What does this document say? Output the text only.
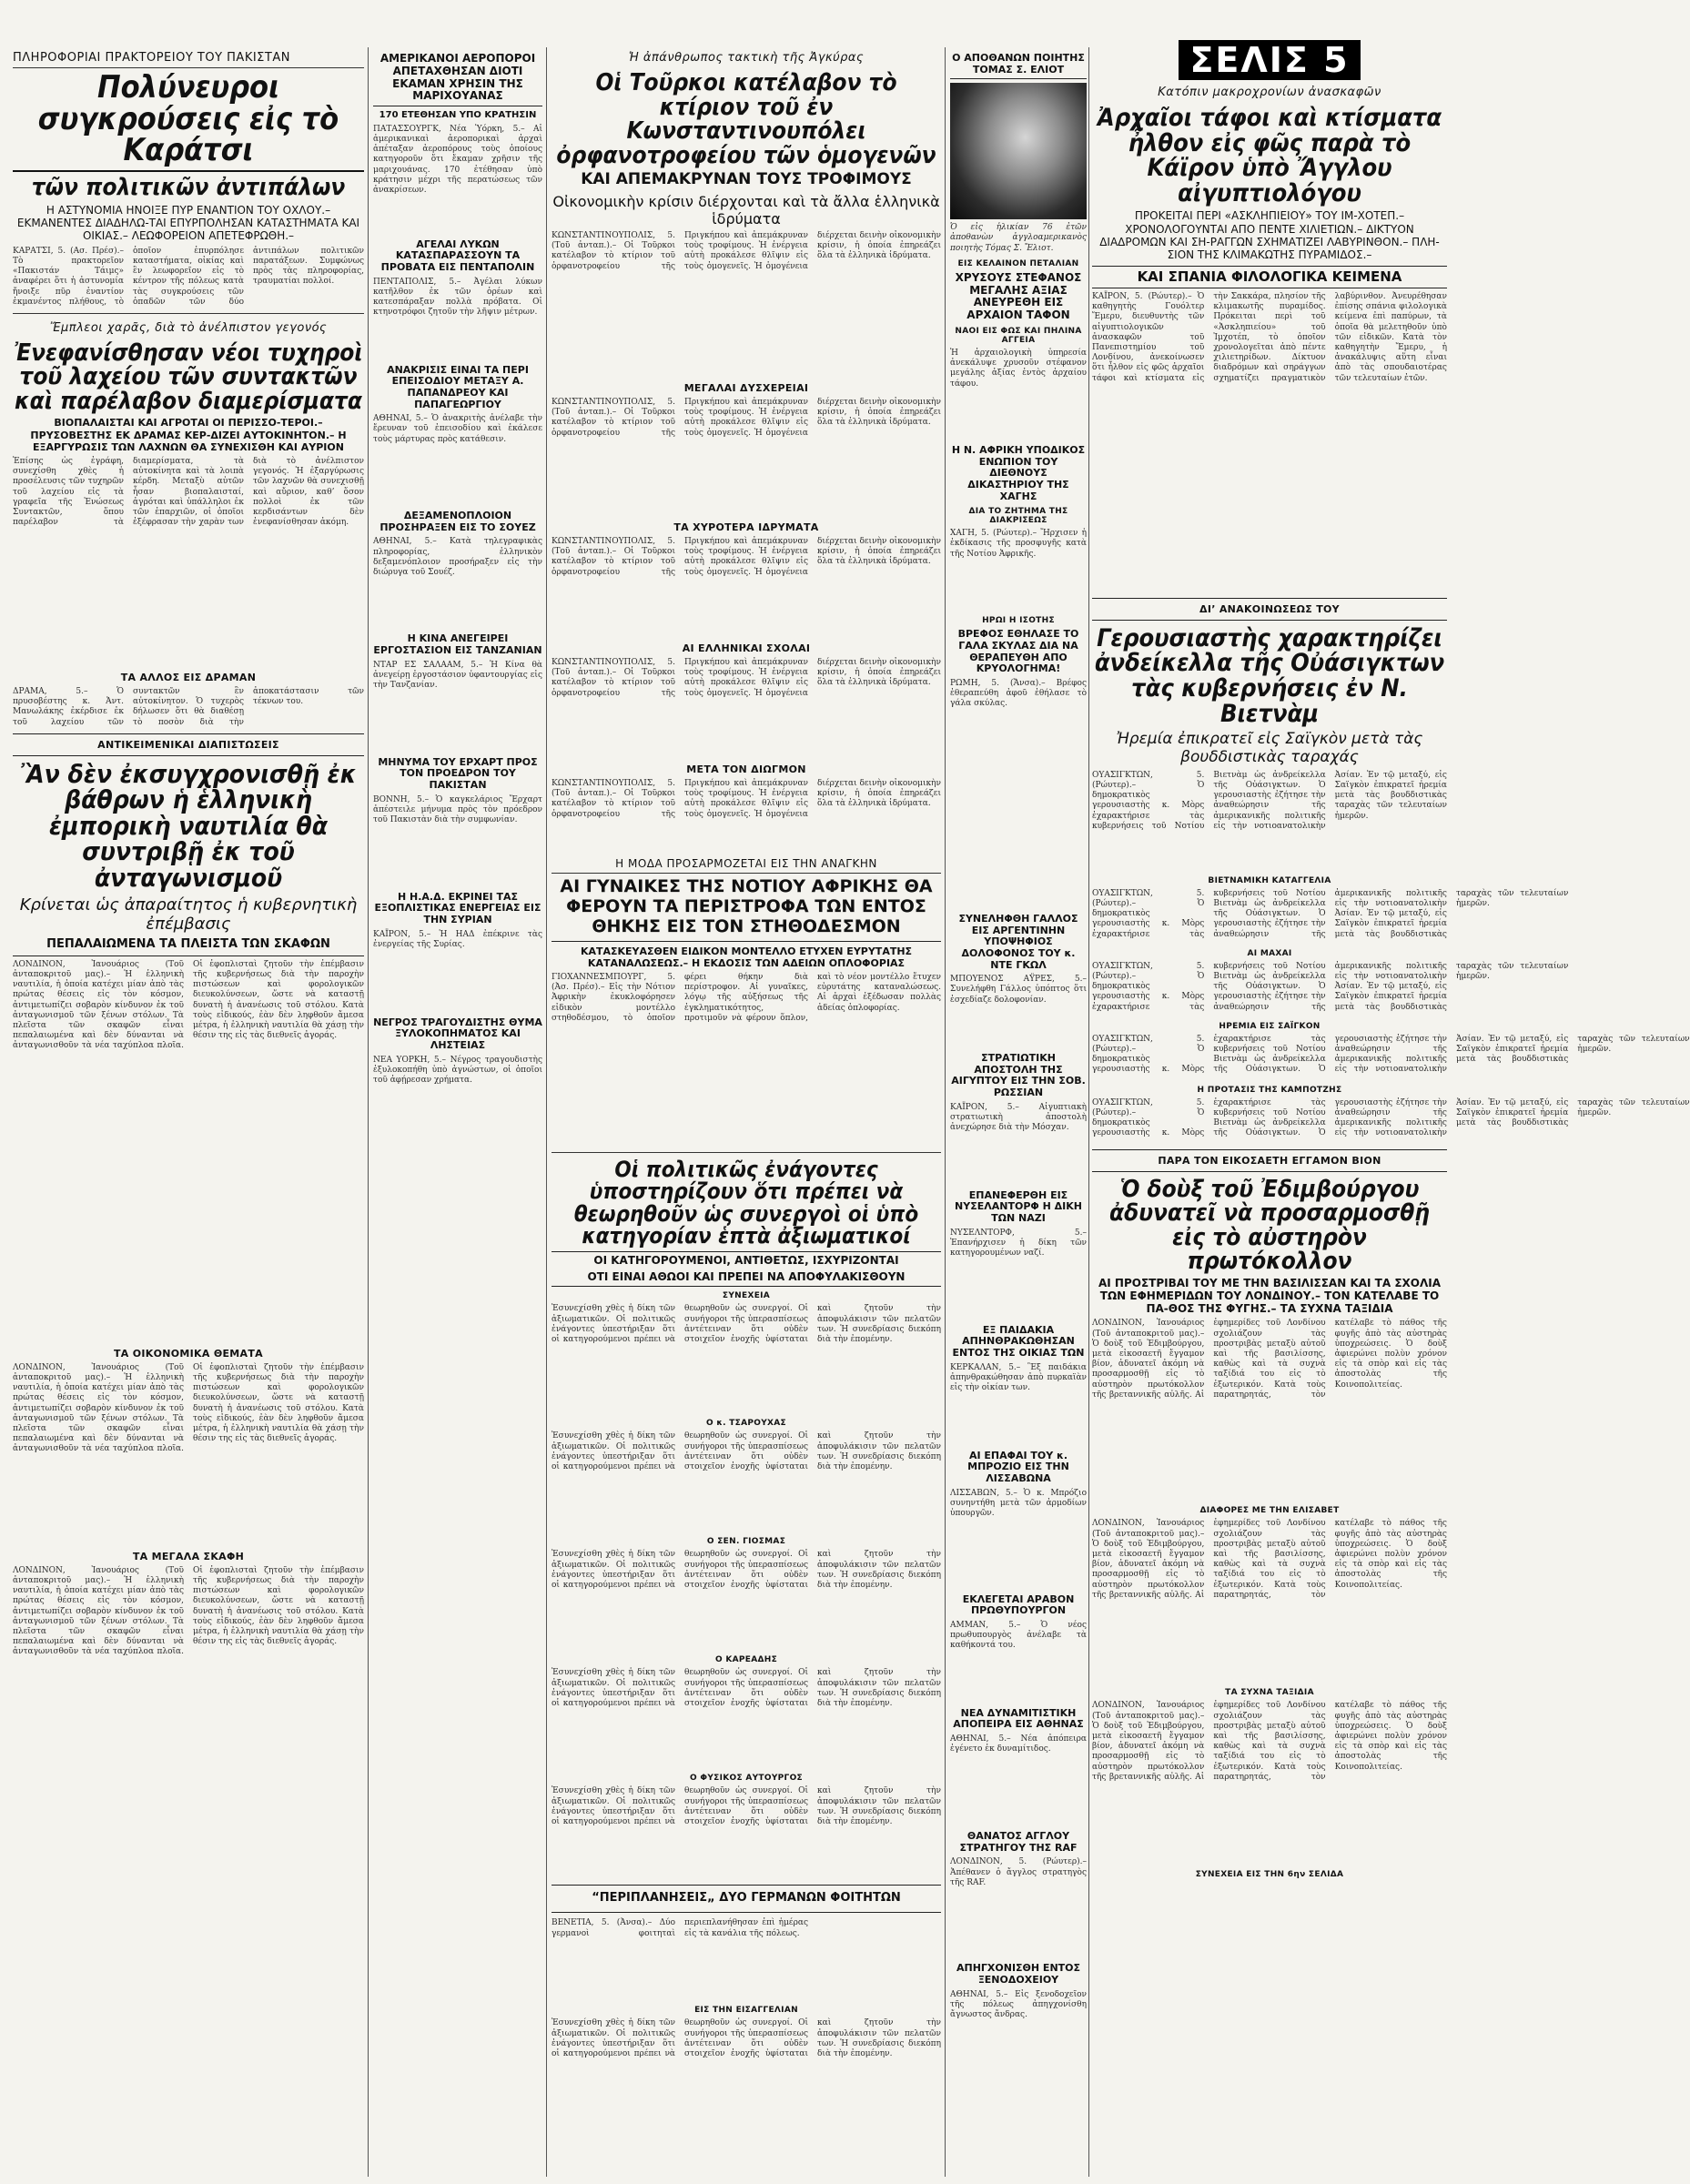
ΠΛΗΡΟΦΟΡΙΑΙ ΠΡΑΚΤΟΡΕΙΟΥ ΤΟΥ ΠΑΚΙΣΤΑΝ
Πολύνευροι συγκρούσεις εἰς τὸ Καράτσι
τῶν πολιτικῶν ἀντιπάλων
Η ΑΣΤΥΝΟΜΙΑ ΗΝΟΙΞΕ ΠΥΡ ΕΝΑΝΤΙΟΝ ΤΟΥ ΟΧΛΟΥ.– ΕΚΜΑΝΕΝΤΕΣ ΔΙΑΔΗΛΩ-ΤΑΙ ΕΠΥΡΠΟΛΗΣΑΝ ΚΑΤΑΣΤΗΜΑΤΑ ΚΑΙ ΟΙΚΙΑΣ.– ΛΕΩΦΟΡΕΙΟΝ ΑΠΕΤΕΦΡΩΘΗ.–
ΚΑΡΑΤΣΙ, 5. (Ασ. Πρέσ).– Τὸ πρακτορεῖον «Πακιστάν Τάιμς» ἀναφέρει ὅτι ἡ ἀστυνομία ἤνοιξε πῦρ ἐναντίον ἐκμανέντος πλήθους, τὸ ὁποῖον ἐπυρπόλησε καταστήματα, οἰκίας καὶ ἓν λεωφορεῖον εἰς τὸ κέντρον τῆς πόλεως κατὰ τὰς συγκρούσεις τῶν ὀπαδῶν τῶν δύο ἀντιπάλων πολιτικῶν παρατάξεων. Συμφώνως πρὸς τὰς πληροφορίας, τραυματίαι πολλοί.
Ἔμπλεοι χαρᾶς, διὰ τὸ ἀνέλπιστον γεγονός
Ἐνεφανίσθησαν νέοι τυχηροὶ τοῦ λαχείου τῶν συντακτῶν καὶ παρέλαβον διαμερίσματα
ΒΙΟΠΑΛΑΙΣΤΑΙ ΚΑΙ ΑΓΡΟΤΑΙ ΟΙ ΠΕΡΙΣΣΟ-ΤΕΡΟΙ.– ΠΡΥΣΟΒΕΣΤΗΣ ΕΚ ΔΡΑΜΑΣ ΚΕΡ-ΔΙΖΕΙ ΑΥΤΟΚΙΝΗΤΟΝ.– Η ΕΞΑΡΓΥΡΩΣΙΣ ΤΩΝ ΛΑΧΝΩΝ ΘΑ ΣΥΝΕΧΙΣΘΗ ΚΑΙ ΑΥΡΙΟΝ
Ἐπίσης ὡς ἐγράφη, συνεχίσθη χθὲς ἡ προσέλευσις τῶν τυχηρῶν τοῦ λαχείου εἰς τὰ γραφεῖα τῆς Ἐνώσεως Συντακτῶν, ὅπου παρέλαβον τὰ διαμερίσματα, τὰ αὐτοκίνητα καὶ τὰ λοιπὰ κέρδη. Μεταξὺ αὐτῶν ἦσαν βιοπαλαισταί, ἀγρόται καὶ ὑπάλληλοι ἐκ τῶν ἐπαρχιῶν, οἱ ὁποῖοι ἐξέφρασαν τὴν χαρὰν των διὰ τὸ ἀνέλπιστον γεγονός. Ἡ ἐξαργύρωσις τῶν λαχνῶν θὰ συνεχισθῇ καὶ αὔριον, καθ’ ὅσον πολλοὶ ἐκ τῶν κερδισάντων δὲν ἐνεφανίσθησαν ἀκόμη.
ΤΑ ΑΛΛΟΣ ΕΙΣ ΔΡΑΜΑΝ
ΔΡΑΜΑ, 5.– Ὁ πρυσοβέστης κ. Ἀντ. Μανωλάκης ἐκέρδισε ἐκ τοῦ λαχείου τῶν συντακτῶν ἓν αὐτοκίνητον. Ὁ τυχερὸς δήλωσεν ὅτι θὰ διαθέσῃ τὸ ποσὸν διὰ τὴν ἀποκατάστασιν τῶν τέκνων του.
ΑΝΤΙΚΕΙΜΕΝΙΚΑΙ ΔΙΑΠΙΣΤΩΣΕΙΣ
Ἂν δὲν ἐκσυγχρονισθῇ ἐκ βάθρων ἡ ἑλληνικὴ ἐμπορικὴ ναυτιλία θὰ συντριβῇ ἐκ τοῦ ἀνταγωνισμοῦ
Κρίνεται ὡς ἀπαραίτητος ἡ κυβερνητικὴ ἐπέμβασις
ΠΕΠΑΛΑΙΩΜΕΝΑ ΤΑ ΠΛΕΙΣΤΑ ΤΩΝ ΣΚΑΦΩΝ
ΛΟΝΔΙΝΟΝ, Ἰανουάριος (Τοῦ ἀνταποκριτοῦ μας).– Ἡ ἑλληνικὴ ναυτιλία, ἡ ὁποία κατέχει μίαν ἀπὸ τὰς πρώτας θέσεις εἰς τὸν κόσμον, ἀντιμετωπίζει σοβαρὸν κίνδυνον ἐκ τοῦ ἀνταγωνισμοῦ τῶν ξένων στόλων. Τὰ πλεῖστα τῶν σκαφῶν εἶναι πεπαλαιωμένα καὶ δὲν δύνανται νὰ ἀνταγωνισθοῦν τὰ νέα ταχύπλοα πλοῖα. Οἱ ἐφοπλισταὶ ζητοῦν τὴν ἐπέμβασιν τῆς κυβερνήσεως διὰ τὴν παροχὴν πιστώσεων καὶ φορολογικῶν διευκολύνσεων, ὥστε νὰ καταστῇ δυνατὴ ἡ ἀνανέωσις τοῦ στόλου. Κατὰ τοὺς εἰδικούς, ἐὰν δὲν ληφθοῦν ἄμεσα μέτρα, ἡ ἑλληνικὴ ναυτιλία θὰ χάσῃ τὴν θέσιν της εἰς τὰς διεθνεῖς ἀγοράς.
ΤΑ ΟΙΚΟΝΟΜΙΚΑ ΘΕΜΑΤΑ
ΛΟΝΔΙΝΟΝ, Ἰανουάριος (Τοῦ ἀνταποκριτοῦ μας).– Ἡ ἑλληνικὴ ναυτιλία, ἡ ὁποία κατέχει μίαν ἀπὸ τὰς πρώτας θέσεις εἰς τὸν κόσμον, ἀντιμετωπίζει σοβαρὸν κίνδυνον ἐκ τοῦ ἀνταγωνισμοῦ τῶν ξένων στόλων. Τὰ πλεῖστα τῶν σκαφῶν εἶναι πεπαλαιωμένα καὶ δὲν δύνανται νὰ ἀνταγωνισθοῦν τὰ νέα ταχύπλοα πλοῖα. Οἱ ἐφοπλισταὶ ζητοῦν τὴν ἐπέμβασιν τῆς κυβερνήσεως διὰ τὴν παροχὴν πιστώσεων καὶ φορολογικῶν διευκολύνσεων, ὥστε νὰ καταστῇ δυνατὴ ἡ ἀνανέωσις τοῦ στόλου. Κατὰ τοὺς εἰδικούς, ἐὰν δὲν ληφθοῦν ἄμεσα μέτρα, ἡ ἑλληνικὴ ναυτιλία θὰ χάσῃ τὴν θέσιν της εἰς τὰς διεθνεῖς ἀγοράς.
ΤΑ ΜΕΓΑΛΑ ΣΚΑΦΗ
ΛΟΝΔΙΝΟΝ, Ἰανουάριος (Τοῦ ἀνταποκριτοῦ μας).– Ἡ ἑλληνικὴ ναυτιλία, ἡ ὁποία κατέχει μίαν ἀπὸ τὰς πρώτας θέσεις εἰς τὸν κόσμον, ἀντιμετωπίζει σοβαρὸν κίνδυνον ἐκ τοῦ ἀνταγωνισμοῦ τῶν ξένων στόλων. Τὰ πλεῖστα τῶν σκαφῶν εἶναι πεπαλαιωμένα καὶ δὲν δύνανται νὰ ἀνταγωνισθοῦν τὰ νέα ταχύπλοα πλοῖα. Οἱ ἐφοπλισταὶ ζητοῦν τὴν ἐπέμβασιν τῆς κυβερνήσεως διὰ τὴν παροχὴν πιστώσεων καὶ φορολογικῶν διευκολύνσεων, ὥστε νὰ καταστῇ δυνατὴ ἡ ἀνανέωσις τοῦ στόλου. Κατὰ τοὺς εἰδικούς, ἐὰν δὲν ληφθοῦν ἄμεσα μέτρα, ἡ ἑλληνικὴ ναυτιλία θὰ χάσῃ τὴν θέσιν της εἰς τὰς διεθνεῖς ἀγοράς.
ΑΜΕΡΙΚΑΝΟΙ ΑΕΡΟΠΟΡΟΙ ΑΠΕΤΑΧΘΗΣΑΝ ΔΙΟΤΙ ΕΚΑΜΑΝ ΧΡΗΣΙΝ ΤΗΣ ΜΑΡΙΧΟΥΑΝΑΣ
170 ΕΤΕΘΗΣΑΝ ΥΠΟ ΚΡΑΤΗΣΙΝ
ΠΑΤΑΣΣΟΥΡΓΚ, Νέα Ὑόρκη, 5.– Αἱ ἀμερικανικαὶ ἀεροπορικαὶ ἀρχαὶ ἀπέταξαν ἀεροπόρους τοὺς ὁποίους κατηγοροῦν ὅτι ἔκαμαν χρῆσιν τῆς μαριχουάνας. 170 ἐτέθησαν ὑπὸ κράτησιν μέχρι τῆς περατώσεως τῶν ἀνακρίσεων.
ΑΓΕΛΑΙ ΛΥΚΩΝ ΚΑΤΑΣΠΑΡΑΣΣΟΥΝ ΤΑ ΠΡΟΒΑΤΑ ΕΙΣ ΠΕΝΤΑΠΟΛΙΝ
ΠΕΝΤΑΠΟΛΙΣ, 5.– Ἀγέλαι λύκων κατῆλθον ἐκ τῶν ὀρέων καὶ κατεσπάραξαν πολλὰ πρόβατα. Οἱ κτηνοτρόφοι ζητοῦν τὴν λῆψιν μέτρων.
ΑΝΑΚΡΙΣΙΣ ΕΙΝΑΙ ΤΑ ΠΕΡΙ ΕΠΕΙΣΟΔΙΟΥ ΜΕΤΑΞΥ Α. ΠΑΠΑΝΔΡΕΟΥ ΚΑΙ ΠΑΠΑΓΕΩΡΓΙΟΥ
ΑΘΗΝΑΙ, 5.– Ὁ ἀνακριτὴς ἀνέλαβε τὴν ἔρευναν τοῦ ἐπεισοδίου καὶ ἐκάλεσε τοὺς μάρτυρας πρὸς κατάθεσιν.
ΔΕΞΑΜΕΝΟΠΛΟΙΟΝ ΠΡΟΣΗΡΑΞΕΝ ΕΙΣ ΤΟ ΣΟΥΕΖ
ΑΘΗΝΑΙ, 5.– Κατὰ τηλεγραφικὰς πληροφορίας, ἑλληνικὸν δεξαμενόπλοιον προσήραξεν εἰς τὴν διώρυγα τοῦ Σουέζ.
Η ΚΙΝΑ ΑΝΕΓΕΙΡΕΙ ΕΡΓΟΣΤΑΣΙΟΝ ΕΙΣ ΤΑΝΖΑΝΙΑΝ
ΝΤΑΡ ΕΣ ΣΑΛΑΑΜ, 5.– Ἡ Κίνα θὰ ἀνεγείρῃ ἐργοστάσιον ὑφαντουργίας εἰς τὴν Τανζανίαν.
ΜΗΝΥΜΑ ΤΟΥ ΕΡΧΑΡΤ ΠΡΟΣ ΤΟΝ ΠΡΟΕΔΡΟΝ ΤΟΥ ΠΑΚΙΣΤΑΝ
ΒΟΝΝΗ, 5.– Ὁ καγκελάριος Ἔρχαρτ ἀπέστειλε μήνυμα πρὸς τὸν πρόεδρον τοῦ Πακιστὰν διὰ τὴν συμφωνίαν.
Η Η.Α.Δ. ΕΚΡΙΝΕΙ ΤΑΣ ΕΞΟΠΛΙΣΤΙΚΑΣ ΕΝΕΡΓΕΙΑΣ ΕΙΣ ΤΗΝ ΣΥΡΙΑΝ
ΚΑΪΡΟΝ, 5.– Ἡ ΗΑΔ ἐπέκρινε τὰς ἐνεργείας τῆς Συρίας.
ΝΕΓΡΟΣ ΤΡΑΓΟΥΔΙΣΤΗΣ ΘΥΜΑ ΞΥΛΟΚΟΠΗΜΑΤΟΣ ΚΑΙ ΛΗΣΤΕΙΑΣ
ΝΕΑ ΥΟΡΚΗ, 5.– Νέγρος τραγουδιστὴς ἐξυλοκοπήθη ὑπὸ ἀγνώστων, οἱ ὁποῖοι τοῦ ἀφῄρεσαν χρήματα.
Ἡ ἀπάνθρωπος τακτικὴ τῆς Ἀγκύρας
Οἱ Τοῦρκοι κατέλαβον τὸ κτίριον τοῦ ἐν Κωνσταντινουπόλει ὀρφανοτροφείου τῶν ὁμογενῶν
ΚΑΙ ΑΠΕΜΑΚΡΥΝΑΝ ΤΟΥΣ ΤΡΟΦΙΜΟΥΣ
Οἰκονομικὴν κρίσιν διέρχονται καὶ τὰ ἄλλα ἑλληνικὰ ἱδρύματα
ΚΩΝΣΤΑΝΤΙΝΟΥΠΟΛΙΣ, 5. (Τοῦ ἀνταπ.).– Οἱ Τοῦρκοι κατέλαβον τὸ κτίριον τοῦ ὀρφανοτροφείου τῆς Πριγκήπου καὶ ἀπεμάκρυναν τοὺς τροφίμους. Ἡ ἐνέργεια αὐτὴ προκάλεσε θλῖψιν εἰς τοὺς ὁμογενεῖς. Ἡ ὁμογένεια διέρχεται δεινὴν οἰκονομικὴν κρίσιν, ἡ ὁποία ἐπηρεάζει ὅλα τὰ ἑλληνικὰ ἱδρύματα.
ΜΕΓΑΛΑΙ ΔΥΣΧΕΡΕΙΑΙ
ΚΩΝΣΤΑΝΤΙΝΟΥΠΟΛΙΣ, 5. (Τοῦ ἀνταπ.).– Οἱ Τοῦρκοι κατέλαβον τὸ κτίριον τοῦ ὀρφανοτροφείου τῆς Πριγκήπου καὶ ἀπεμάκρυναν τοὺς τροφίμους. Ἡ ἐνέργεια αὐτὴ προκάλεσε θλῖψιν εἰς τοὺς ὁμογενεῖς. Ἡ ὁμογένεια διέρχεται δεινὴν οἰκονομικὴν κρίσιν, ἡ ὁποία ἐπηρεάζει ὅλα τὰ ἑλληνικὰ ἱδρύματα.
ΤΑ ΧΥΡΟΤΕΡΑ ΙΔΡΥΜΑΤΑ
ΚΩΝΣΤΑΝΤΙΝΟΥΠΟΛΙΣ, 5. (Τοῦ ἀνταπ.).– Οἱ Τοῦρκοι κατέλαβον τὸ κτίριον τοῦ ὀρφανοτροφείου τῆς Πριγκήπου καὶ ἀπεμάκρυναν τοὺς τροφίμους. Ἡ ἐνέργεια αὐτὴ προκάλεσε θλῖψιν εἰς τοὺς ὁμογενεῖς. Ἡ ὁμογένεια διέρχεται δεινὴν οἰκονομικὴν κρίσιν, ἡ ὁποία ἐπηρεάζει ὅλα τὰ ἑλληνικὰ ἱδρύματα.
ΑΙ ΕΛΛΗΝΙΚΑΙ ΣΧΟΛΑΙ
ΚΩΝΣΤΑΝΤΙΝΟΥΠΟΛΙΣ, 5. (Τοῦ ἀνταπ.).– Οἱ Τοῦρκοι κατέλαβον τὸ κτίριον τοῦ ὀρφανοτροφείου τῆς Πριγκήπου καὶ ἀπεμάκρυναν τοὺς τροφίμους. Ἡ ἐνέργεια αὐτὴ προκάλεσε θλῖψιν εἰς τοὺς ὁμογενεῖς. Ἡ ὁμογένεια διέρχεται δεινὴν οἰκονομικὴν κρίσιν, ἡ ὁποία ἐπηρεάζει ὅλα τὰ ἑλληνικὰ ἱδρύματα.
ΜΕΤΑ ΤΟΝ ΔΙΩΓΜΟΝ
ΚΩΝΣΤΑΝΤΙΝΟΥΠΟΛΙΣ, 5. (Τοῦ ἀνταπ.).– Οἱ Τοῦρκοι κατέλαβον τὸ κτίριον τοῦ ὀρφανοτροφείου τῆς Πριγκήπου καὶ ἀπεμάκρυναν τοὺς τροφίμους. Ἡ ἐνέργεια αὐτὴ προκάλεσε θλῖψιν εἰς τοὺς ὁμογενεῖς. Ἡ ὁμογένεια διέρχεται δεινὴν οἰκονομικὴν κρίσιν, ἡ ὁποία ἐπηρεάζει ὅλα τὰ ἑλληνικὰ ἱδρύματα.
Ο ΑΠΟΘΑΝΩΝ ΠΟΙΗΤΗΣ ΤΟΜΑΣ Σ. ΕΛΙΟΤ
Ὁ εἰς ἡλικίαν 76 ἐτῶν ἀποθανὼν ἀγγλοαμερικανὸς ποιητὴς Τόμας Σ. Ἔλιοτ.
ΕΙΣ ΚΕΛΑΙΝΟΝ ΠΕΤΑΛΙΑΝ
ΧΡΥΣΟΥΣ ΣΤΕΦΑΝΟΣ ΜΕΓΑΛΗΣ ΑΞΙΑΣ ΑΝΕΥΡΕΘΗ ΕΙΣ ΑΡΧΑΙΟΝ ΤΑΦΟΝ
ΝΑΟΙ ΕΙΣ ΦΩΣ ΚΑΙ ΠΗΛΙΝΑ ΑΓΓΕΙΑ
Ἡ ἀρχαιολογικὴ ὑπηρεσία ἀνεκάλυψε χρυσοῦν στέφανον μεγάλης ἀξίας ἐντὸς ἀρχαίου τάφου.
Η Ν. ΑΦΡΙΚΗ ΥΠΟΔΙΚΟΣ ΕΝΩΠΙΟΝ ΤΟΥ ΔΙΕΘΝΟΥΣ ΔΙΚΑΣΤΗΡΙΟΥ ΤΗΣ ΧΑΓΗΣ
ΔΙΑ ΤΟ ΖΗΤΗΜΑ ΤΗΣ ΔΙΑΚΡΙΣΕΩΣ
ΧΑΓΗ, 5. (Ρώυτερ).– Ἤρχισεν ἡ ἐκδίκασις τῆς προσφυγῆς κατὰ τῆς Νοτίου Ἀφρικῆς.
ΗΡΩΙ Η ΙΣΟΤΗΣ
ΒΡΕΦΟΣ ΕΘΗΛΑΣΕ ΤΟ ΓΑΛΑ ΣΚΥΛΑΣ ΔΙΑ ΝΑ ΘΕΡΑΠΕΥΘΗ ΑΠΟ ΚΡΥΟΛΟΓΗΜΑ!
ΡΩΜΗ, 5. (Ἄνσα).– Βρέφος ἐθεραπεύθη ἀφοῦ ἐθήλασε τὸ γάλα σκύλας.
ΣΥΝΕΛΗΦΘΗ ΓΑΛΛΟΣ ΕΙΣ ΑΡΓΕΝΤΙΝΗΝ ΥΠΟΨΗΦΙΟΣ ΔΟΛΟΦΟΝΟΣ ΤΟΥ κ. ΝΤΕ ΓΚΩΛ
ΜΠΟΥΕΝΟΣ ΑΫΡΕΣ, 5.– Συνελήφθη Γάλλος ὑπόπτος ὅτι ἐσχεδίαζε δολοφονίαν.
ΣΤΡΑΤΙΩΤΙΚΗ ΑΠΟΣΤΟΛΗ ΤΗΣ ΑΙΓΥΠΤΟΥ ΕΙΣ ΤΗΝ ΣΟΒ. ΡΩΣΣΙΑΝ
ΚΑΪΡΟΝ, 5.– Αἰγυπτιακὴ στρατιωτικὴ ἀποστολὴ ἀνεχώρησε διὰ τὴν Μόσχαν.
ΕΠΑΝΕΦΕΡΘΗ ΕΙΣ ΝΥΣΕΛΑΝΤΟΡΦ Η ΔΙΚΗ ΤΩΝ ΝΑΖΙ
ΝΥΣΕΛΝΤΟΡΦ, 5.– Ἐπανήρχισεν ἡ δίκη τῶν κατηγορουμένων ναζί.
ΕΞ ΠΑΙΔΑΚΙΑ ΑΠΗΝΘΡΑΚΩΘΗΣΑΝ ΕΝΤΟΣ ΤΗΣ ΟΙΚΙΑΣ ΤΩΝ
ΚΕΡΚΑΛΑΝ, 5.– Ἓξ παιδάκια ἀπηνθρακώθησαν ἀπὸ πυρκαϊὰν εἰς τὴν οἰκίαν των.
ΑΙ ΕΠΑΦΑΙ ΤΟΥ κ. ΜΠΡΟΖΙΟ ΕΙΣ ΤΗΝ ΛΙΣΣΑΒΩΝΑ
ΛΙΣΣΑΒΩΝ, 5.– Ὁ κ. Μπρόζιο συνηντήθη μετὰ τῶν ἁρμοδίων ὑπουργῶν.
ΕΚΛΕΓΕΤΑΙ ΑΡΑΒΟΝ ΠΡΩΘΥΠΟΥΡΓΟΝ
ΑΜΜΑΝ, 5.– Ὁ νέος πρωθυπουργὸς ἀνέλαβε τὰ καθήκοντά του.
ΝΕΑ ΔΥΝΑΜΙΤΙΣΤΙΚΗ ΑΠΟΠΕΙΡΑ ΕΙΣ ΑΘΗΝΑΣ
ΑΘΗΝΑΙ, 5.– Νέα ἀπόπειρα ἐγένετο ἐκ δυναμίτιδος.
ΘΑΝΑΤΟΣ ΑΓΓΛΟΥ ΣΤΡΑΤΗΓΟΥ ΤΗΣ RAF
ΛΟΝΔΙΝΟΝ, 5. (Ρώυτερ).– Ἀπέθανεν ὁ ἄγγλος στρατηγὸς τῆς RAF.
ΑΠΗΓΧΟΝΙΣΘΗ ΕΝΤΟΣ ΞΕΝΟΔΟΧΕΙΟΥ
ΑΘΗΝΑΙ, 5.– Εἰς ξενοδοχεῖον τῆς πόλεως ἀπηγχονίσθη ἄγνωστος ἄνδρας.
Η ΜΟΔΑ ΠΡΟΣΑΡΜΟΖΕΤΑΙ ΕΙΣ ΤΗΝ ΑΝΑΓΚΗΝ
ΑΙ ΓΥΝΑΙΚΕΣ ΤΗΣ ΝΟΤΙΟΥ ΑΦΡΙΚΗΣ ΘΑ ΦΕΡΟΥΝ ΤΑ ΠΕΡΙΣΤΡΟΦΑ ΤΩΝ ΕΝΤΟΣ ΘΗΚΗΣ ΕΙΣ ΤΟΝ ΣΤΗΘΟΔΕΣΜΟΝ
ΚΑΤΑΣΚΕΥΑΣΘΕΝ ΕΙΔΙΚΟΝ ΜΟΝΤΕΛΛΟ ΕΤΥΧΕΝ ΕΥΡΥΤΑΤΗΣ ΚΑΤΑΝΑΛΩΣΕΩΣ.– Η ΕΚΔΟΣΙΣ ΤΩΝ ΑΔΕΙΩΝ ΟΠΛΟΦΟΡΙΑΣ
ΓΙΟΧΑΝΝΕΣΜΠΟΥΡΓ, 5. (Ἀσ. Πρέσ).– Εἰς τὴν Νότιον Ἀφρικὴν ἐκυκλοφόρησεν εἰδικὸν μοντέλλο στηθοδέσμου, τὸ ὁποῖον φέρει θήκην διὰ περίστροφον. Αἱ γυναῖκες, λόγῳ τῆς αὐξήσεως τῆς ἐγκληματικότητος, προτιμοῦν νὰ φέρουν ὅπλον, καὶ τὸ νέον μοντέλλο ἔτυχεν εὐρυτάτης καταναλώσεως. Αἱ ἀρχαὶ ἐξέδωσαν πολλὰς ἀδείας ὁπλοφορίας.
Οἱ πολιτικῶς ἐνάγοντες ὑποστηρίζουν ὅτι πρέπει νὰ θεωρηθοῦν ὡς συνεργοὶ οἱ ὑπὸ κατηγορίαν ἑπτὰ ἀξιωματικοί
ΟΙ ΚΑΤΗΓΟΡΟΥΜΕΝΟΙ, ΑΝΤΙΘΕΤΩΣ, ΙΣΧΥΡΙΖΟΝΤΑΙ
ΟΤΙ ΕΙΝΑΙ ΑΘΩΟΙ ΚΑΙ ΠΡΕΠΕΙ ΝΑ ΑΠΟΦΥΛΑΚΙΣΘΟΥΝ
ΣΥΝΕΧΕΙΑ
Ἐσυνεχίσθη χθὲς ἡ δίκη τῶν ἀξιωματικῶν. Οἱ πολιτικῶς ἐνάγοντες ὑπεστήριξαν ὅτι οἱ κατηγορούμενοι πρέπει νὰ θεωρηθοῦν ὡς συνεργοί. Οἱ συνήγοροι τῆς ὑπερασπίσεως ἀντέτειναν ὅτι οὐδὲν στοιχεῖον ἐνοχῆς ὑφίσταται καὶ ζητοῦν τὴν ἀποφυλάκισιν τῶν πελατῶν των. Ἡ συνεδρίασις διεκόπη διὰ τὴν ἐπομένην.
Ο κ. ΤΣΑΡΟΥΧΑΣ
Ἐσυνεχίσθη χθὲς ἡ δίκη τῶν ἀξιωματικῶν. Οἱ πολιτικῶς ἐνάγοντες ὑπεστήριξαν ὅτι οἱ κατηγορούμενοι πρέπει νὰ θεωρηθοῦν ὡς συνεργοί. Οἱ συνήγοροι τῆς ὑπερασπίσεως ἀντέτειναν ὅτι οὐδὲν στοιχεῖον ἐνοχῆς ὑφίσταται καὶ ζητοῦν τὴν ἀποφυλάκισιν τῶν πελατῶν των. Ἡ συνεδρίασις διεκόπη διὰ τὴν ἐπομένην.
Ο ΣΕΝ. ΓΙΟΣΜΑΣ
Ἐσυνεχίσθη χθὲς ἡ δίκη τῶν ἀξιωματικῶν. Οἱ πολιτικῶς ἐνάγοντες ὑπεστήριξαν ὅτι οἱ κατηγορούμενοι πρέπει νὰ θεωρηθοῦν ὡς συνεργοί. Οἱ συνήγοροι τῆς ὑπερασπίσεως ἀντέτειναν ὅτι οὐδὲν στοιχεῖον ἐνοχῆς ὑφίσταται καὶ ζητοῦν τὴν ἀποφυλάκισιν τῶν πελατῶν των. Ἡ συνεδρίασις διεκόπη διὰ τὴν ἐπομένην.
Ο ΚΑΡΕΑΔΗΣ
Ἐσυνεχίσθη χθὲς ἡ δίκη τῶν ἀξιωματικῶν. Οἱ πολιτικῶς ἐνάγοντες ὑπεστήριξαν ὅτι οἱ κατηγορούμενοι πρέπει νὰ θεωρηθοῦν ὡς συνεργοί. Οἱ συνήγοροι τῆς ὑπερασπίσεως ἀντέτειναν ὅτι οὐδὲν στοιχεῖον ἐνοχῆς ὑφίσταται καὶ ζητοῦν τὴν ἀποφυλάκισιν τῶν πελατῶν των. Ἡ συνεδρίασις διεκόπη διὰ τὴν ἐπομένην.
Ο ΦΥΣΙΚΟΣ ΑΥΤΟΥΡΓΟΣ
Ἐσυνεχίσθη χθὲς ἡ δίκη τῶν ἀξιωματικῶν. Οἱ πολιτικῶς ἐνάγοντες ὑπεστήριξαν ὅτι οἱ κατηγορούμενοι πρέπει νὰ θεωρηθοῦν ὡς συνεργοί. Οἱ συνήγοροι τῆς ὑπερασπίσεως ἀντέτειναν ὅτι οὐδὲν στοιχεῖον ἐνοχῆς ὑφίσταται καὶ ζητοῦν τὴν ἀποφυλάκισιν τῶν πελατῶν των. Ἡ συνεδρίασις διεκόπη διὰ τὴν ἐπομένην.
“ΠΕΡΙΠΛΑΝΗΣΕΙΣ„ ΔΥΟ ΓΕΡΜΑΝΩΝ ΦΟΙΤΗΤΩΝ
ΒΕΝΕΤΙΑ, 5. (Ἀνσα).– Δύο γερμανοὶ φοιτηταὶ περιεπλανήθησαν ἐπὶ ἡμέρας εἰς τὰ κανάλια τῆς πόλεως.
ΕΙΣ ΤΗΝ ΕΙΣΑΓΓΕΛΙΑΝ
Ἐσυνεχίσθη χθὲς ἡ δίκη τῶν ἀξιωματικῶν. Οἱ πολιτικῶς ἐνάγοντες ὑπεστήριξαν ὅτι οἱ κατηγορούμενοι πρέπει νὰ θεωρηθοῦν ὡς συνεργοί. Οἱ συνήγοροι τῆς ὑπερασπίσεως ἀντέτειναν ὅτι οὐδὲν στοιχεῖον ἐνοχῆς ὑφίσταται καὶ ζητοῦν τὴν ἀποφυλάκισιν τῶν πελατῶν των. Ἡ συνεδρίασις διεκόπη διὰ τὴν ἐπομένην.
ΣΕΛΙΣ 5
Κατόπιν μακροχρονίων ἀνασκαφῶν
Ἀρχαῖοι τάφοι καὶ κτίσματα ἦλθον εἰς φῶς παρὰ τὸ Κάϊρον ὑπὸ Ἄγγλου αἰγυπτιολόγου
ΠΡΟΚΕΙΤΑΙ ΠΕΡΙ «ΑΣΚΛΗΠΙΕΙΟΥ» ΤΟΥ ΙΜ-ΧΟΤΕΠ.– ΧΡΟΝΟΛΟΓΟΥΝΤΑΙ ΑΠΟ ΠΕΝΤΕ ΧΙΛΙΕΤΙΩΝ.– ΔΙΚΤΥΟΝ ΔΙΑΔΡΟΜΩΝ ΚΑΙ ΣΗ-ΡΑΓΓΩΝ ΣΧΗΜΑΤΙΖΕΙ ΛΑΒΥΡΙΝΘΟΝ.– ΠΛΗ-ΣΙΟΝ ΤΗΣ ΚΛΙΜΑΚΩΤΗΣ ΠΥΡΑΜΙΔΟΣ.–
ΚΑΙ ΣΠΑΝΙΑ ΦΙΛΟΛΟΓΙΚΑ ΚΕΙΜΕΝΑ
ΚΑΪΡΟΝ, 5. (Ρώυτερ).– Ὁ καθηγητὴς Γουόλτερ Ἔμερυ, διευθυντὴς τῶν αἰγυπτιολογικῶν ἀνασκαφῶν τοῦ Πανεπιστημίου τοῦ Λονδίνου, ἀνεκοίνωσεν ὅτι ἦλθον εἰς φῶς ἀρχαῖοι τάφοι καὶ κτίσματα εἰς τὴν Σακκάρα, πλησίον τῆς κλιμακωτῆς πυραμίδος. Πρόκειται περὶ τοῦ «Ἀσκληπιείου» τοῦ Ἰμχοτέπ, τὸ ὁποῖον χρονολογεῖται ἀπὸ πέντε χιλιετηρίδων. Δίκτυον διαδρόμων καὶ σηράγγων σχηματίζει πραγματικὸν λαβύρινθον. Ἀνευρέθησαν ἐπίσης σπάνια φιλολογικὰ κείμενα ἐπὶ παπύρων, τὰ ὁποῖα θὰ μελετηθοῦν ὑπὸ τῶν εἰδικῶν. Κατὰ τὸν καθηγητὴν Ἔμερυ, ἡ ἀνακάλυψις αὕτη εἶναι ἀπὸ τὰς σπουδαιοτέρας τῶν τελευταίων ἐτῶν.
ΔΙ’ ΑΝΑΚΟΙΝΩΣΕΩΣ ΤΟΥ
Γερουσιαστὴς χαρακτηρίζει ἀνδείκελλα τῆς Οὐάσιγκτων τὰς κυβερνήσεις ἐν Ν. Βιετνὰμ
Ἠρεμία ἐπικρατεῖ εἰς Σαϊγκὸν μετὰ τὰς βουδδιστικὰς ταραχάς
ΟΥΑΣΙΓΚΤΩΝ, 5. (Ρώυτερ).– Ὁ δημοκρατικὸς γερουσιαστὴς κ. Μὸρς ἐχαρακτήρισε τὰς κυβερνήσεις τοῦ Νοτίου Βιετνὰμ ὡς ἀνδρείκελλα τῆς Οὐάσιγκτων. Ὁ γερουσιαστὴς ἐζήτησε τὴν ἀναθεώρησιν τῆς ἀμερικανικῆς πολιτικῆς εἰς τὴν νοτιοανατολικὴν Ἀσίαν. Ἐν τῷ μεταξύ, εἰς Σαϊγκὸν ἐπικρατεῖ ἠρεμία μετὰ τὰς βουδδιστικὰς ταραχὰς τῶν τελευταίων ἡμερῶν.
ΒΙΕΤΝΑΜΙΚΗ ΚΑΤΑΓΓΕΛΙΑ
ΟΥΑΣΙΓΚΤΩΝ, 5. (Ρώυτερ).– Ὁ δημοκρατικὸς γερουσιαστὴς κ. Μὸρς ἐχαρακτήρισε τὰς κυβερνήσεις τοῦ Νοτίου Βιετνὰμ ὡς ἀνδρείκελλα τῆς Οὐάσιγκτων. Ὁ γερουσιαστὴς ἐζήτησε τὴν ἀναθεώρησιν τῆς ἀμερικανικῆς πολιτικῆς εἰς τὴν νοτιοανατολικὴν Ἀσίαν. Ἐν τῷ μεταξύ, εἰς Σαϊγκὸν ἐπικρατεῖ ἠρεμία μετὰ τὰς βουδδιστικὰς ταραχὰς τῶν τελευταίων ἡμερῶν.
ΑΙ ΜΑΧΑΙ
ΟΥΑΣΙΓΚΤΩΝ, 5. (Ρώυτερ).– Ὁ δημοκρατικὸς γερουσιαστὴς κ. Μὸρς ἐχαρακτήρισε τὰς κυβερνήσεις τοῦ Νοτίου Βιετνὰμ ὡς ἀνδρείκελλα τῆς Οὐάσιγκτων. Ὁ γερουσιαστὴς ἐζήτησε τὴν ἀναθεώρησιν τῆς ἀμερικανικῆς πολιτικῆς εἰς τὴν νοτιοανατολικὴν Ἀσίαν. Ἐν τῷ μεταξύ, εἰς Σαϊγκὸν ἐπικρατεῖ ἠρεμία μετὰ τὰς βουδδιστικὰς ταραχὰς τῶν τελευταίων ἡμερῶν.
ΗΡΕΜΙΑ ΕΙΣ ΣΑΪΓΚΟΝ
ΟΥΑΣΙΓΚΤΩΝ, 5. (Ρώυτερ).– Ὁ δημοκρατικὸς γερουσιαστὴς κ. Μὸρς ἐχαρακτήρισε τὰς κυβερνήσεις τοῦ Νοτίου Βιετνὰμ ὡς ἀνδρείκελλα τῆς Οὐάσιγκτων. Ὁ γερουσιαστὴς ἐζήτησε τὴν ἀναθεώρησιν τῆς ἀμερικανικῆς πολιτικῆς εἰς τὴν νοτιοανατολικὴν Ἀσίαν. Ἐν τῷ μεταξύ, εἰς Σαϊγκὸν ἐπικρατεῖ ἠρεμία μετὰ τὰς βουδδιστικὰς ταραχὰς τῶν τελευταίων ἡμερῶν.
Η ΠΡΟΤΑΣΙΣ ΤΗΣ ΚΑΜΠΟΤΖΗΣ
ΟΥΑΣΙΓΚΤΩΝ, 5. (Ρώυτερ).– Ὁ δημοκρατικὸς γερουσιαστὴς κ. Μὸρς ἐχαρακτήρισε τὰς κυβερνήσεις τοῦ Νοτίου Βιετνὰμ ὡς ἀνδρείκελλα τῆς Οὐάσιγκτων. Ὁ γερουσιαστὴς ἐζήτησε τὴν ἀναθεώρησιν τῆς ἀμερικανικῆς πολιτικῆς εἰς τὴν νοτιοανατολικὴν Ἀσίαν. Ἐν τῷ μεταξύ, εἰς Σαϊγκὸν ἐπικρατεῖ ἠρεμία μετὰ τὰς βουδδιστικὰς ταραχὰς τῶν τελευταίων ἡμερῶν.
ΠΑΡΑ ΤΟΝ ΕΙΚΟΣΑΕΤΗ ΕΓΓΑΜΟΝ ΒΙΟΝ
Ὁ δοὺξ τοῦ Ἐδιμβούργου ἀδυνατεῖ νὰ προσαρμοσθῇ εἰς τὸ αὐστηρὸν πρωτόκολλον
ΑΙ ΠΡΟΣΤΡΙΒΑΙ ΤΟΥ ΜΕ ΤΗΝ ΒΑΣΙΛΙΣΣΑΝ ΚΑΙ ΤΑ ΣΧΟΛΙΑ ΤΩΝ ΕΦΗΜΕΡΙΔΩΝ ΤΟΥ ΛΟΝΔΙΝΟΥ.– ΤΟΝ ΚΑΤΕΛΑΒΕ ΤΟ ΠΑ-ΘΟΣ ΤΗΣ ΦΥΓΗΣ.– ΤΑ ΣΥΧΝΑ ΤΑΞΙΔΙΑ
ΛΟΝΔΙΝΟΝ, Ἰανουάριος (Τοῦ ἀνταποκριτοῦ μας).– Ὁ δοὺξ τοῦ Ἐδιμβούργου, μετὰ εἰκοσαετῆ ἔγγαμον βίον, ἀδυνατεῖ ἀκόμη νὰ προσαρμοσθῇ εἰς τὸ αὐστηρὸν πρωτόκολλον τῆς βρεταννικῆς αὐλῆς. Αἱ ἐφημερίδες τοῦ Λονδίνου σχολιάζουν τὰς προστριβὰς μεταξὺ αὐτοῦ καὶ τῆς βασιλίσσης, καθὼς καὶ τὰ συχνὰ ταξίδιά του εἰς τὸ ἐξωτερικόν. Κατὰ τοὺς παρατηρητάς, τὸν κατέλαβε τὸ πάθος τῆς φυγῆς ἀπὸ τὰς αὐστηρὰς ὑποχρεώσεις. Ὁ δοὺξ ἀφιερώνει πολὺν χρόνον εἰς τὰ σπὸρ καὶ εἰς τὰς ἀποστολὰς τῆς Κοινοπολιτείας.
ΔΙΑΦΟΡΕΣ ΜΕ ΤΗΝ ΕΛΙΣΑΒΕΤ
ΛΟΝΔΙΝΟΝ, Ἰανουάριος (Τοῦ ἀνταποκριτοῦ μας).– Ὁ δοὺξ τοῦ Ἐδιμβούργου, μετὰ εἰκοσαετῆ ἔγγαμον βίον, ἀδυνατεῖ ἀκόμη νὰ προσαρμοσθῇ εἰς τὸ αὐστηρὸν πρωτόκολλον τῆς βρεταννικῆς αὐλῆς. Αἱ ἐφημερίδες τοῦ Λονδίνου σχολιάζουν τὰς προστριβὰς μεταξὺ αὐτοῦ καὶ τῆς βασιλίσσης, καθὼς καὶ τὰ συχνὰ ταξίδιά του εἰς τὸ ἐξωτερικόν. Κατὰ τοὺς παρατηρητάς, τὸν κατέλαβε τὸ πάθος τῆς φυγῆς ἀπὸ τὰς αὐστηρὰς ὑποχρεώσεις. Ὁ δοὺξ ἀφιερώνει πολὺν χρόνον εἰς τὰ σπὸρ καὶ εἰς τὰς ἀποστολὰς τῆς Κοινοπολιτείας.
ΤΑ ΣΥΧΝΑ ΤΑΞΙΔΙΑ
ΛΟΝΔΙΝΟΝ, Ἰανουάριος (Τοῦ ἀνταποκριτοῦ μας).– Ὁ δοὺξ τοῦ Ἐδιμβούργου, μετὰ εἰκοσαετῆ ἔγγαμον βίον, ἀδυνατεῖ ἀκόμη νὰ προσαρμοσθῇ εἰς τὸ αὐστηρὸν πρωτόκολλον τῆς βρεταννικῆς αὐλῆς. Αἱ ἐφημερίδες τοῦ Λονδίνου σχολιάζουν τὰς προστριβὰς μεταξὺ αὐτοῦ καὶ τῆς βασιλίσσης, καθὼς καὶ τὰ συχνὰ ταξίδιά του εἰς τὸ ἐξωτερικόν. Κατὰ τοὺς παρατηρητάς, τὸν κατέλαβε τὸ πάθος τῆς φυγῆς ἀπὸ τὰς αὐστηρὰς ὑποχρεώσεις. Ὁ δοὺξ ἀφιερώνει πολὺν χρόνον εἰς τὰ σπὸρ καὶ εἰς τὰς ἀποστολὰς τῆς Κοινοπολιτείας.
ΣΥΝΕΧΕΙΑ ΕΙΣ ΤΗΝ 6ην ΣΕΛΙΔΑ
